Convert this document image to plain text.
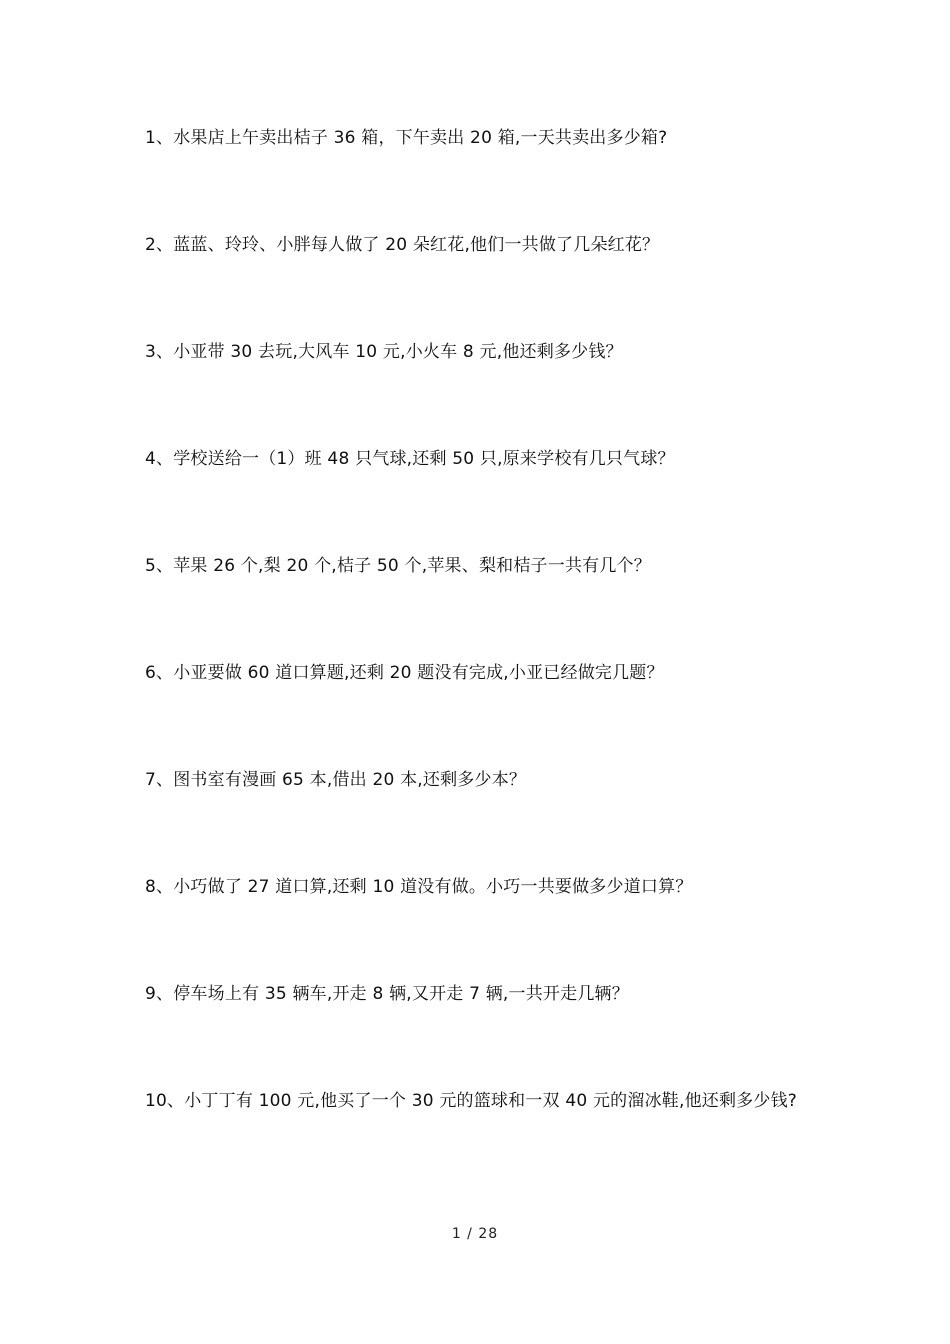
1、水果店上午卖出桔子 36 箱，下午卖出 20 箱,一天共卖出多少箱?
2、蓝蓝、玲玲、小胖每人做了 20 朵红花,他们一共做了几朵红花？
3、小亚带 30 去玩,大风车 10 元,小火车 8 元,他还剩多少钱？
4、学校送给一（1）班 48 只气球,还剩 50 只,原来学校有几只气球？
5、苹果 26 个,梨 20 个,桔子 50 个,苹果、梨和桔子一共有几个？
6、小亚要做 60 道口算题,还剩 20 题没有完成,小亚已经做完几题？
7、图书室有漫画 65 本,借出 20 本,还剩多少本？
8、小巧做了 27 道口算,还剩 10 道没有做。小巧一共要做多少道口算？
9、停车场上有 35 辆车,开走 8 辆,又开走 7 辆,一共开走几辆？
10、小丁丁有 100 元,他买了一个 30 元的篮球和一双 40 元的溜冰鞋,他还剩多少钱?
1 / 28
